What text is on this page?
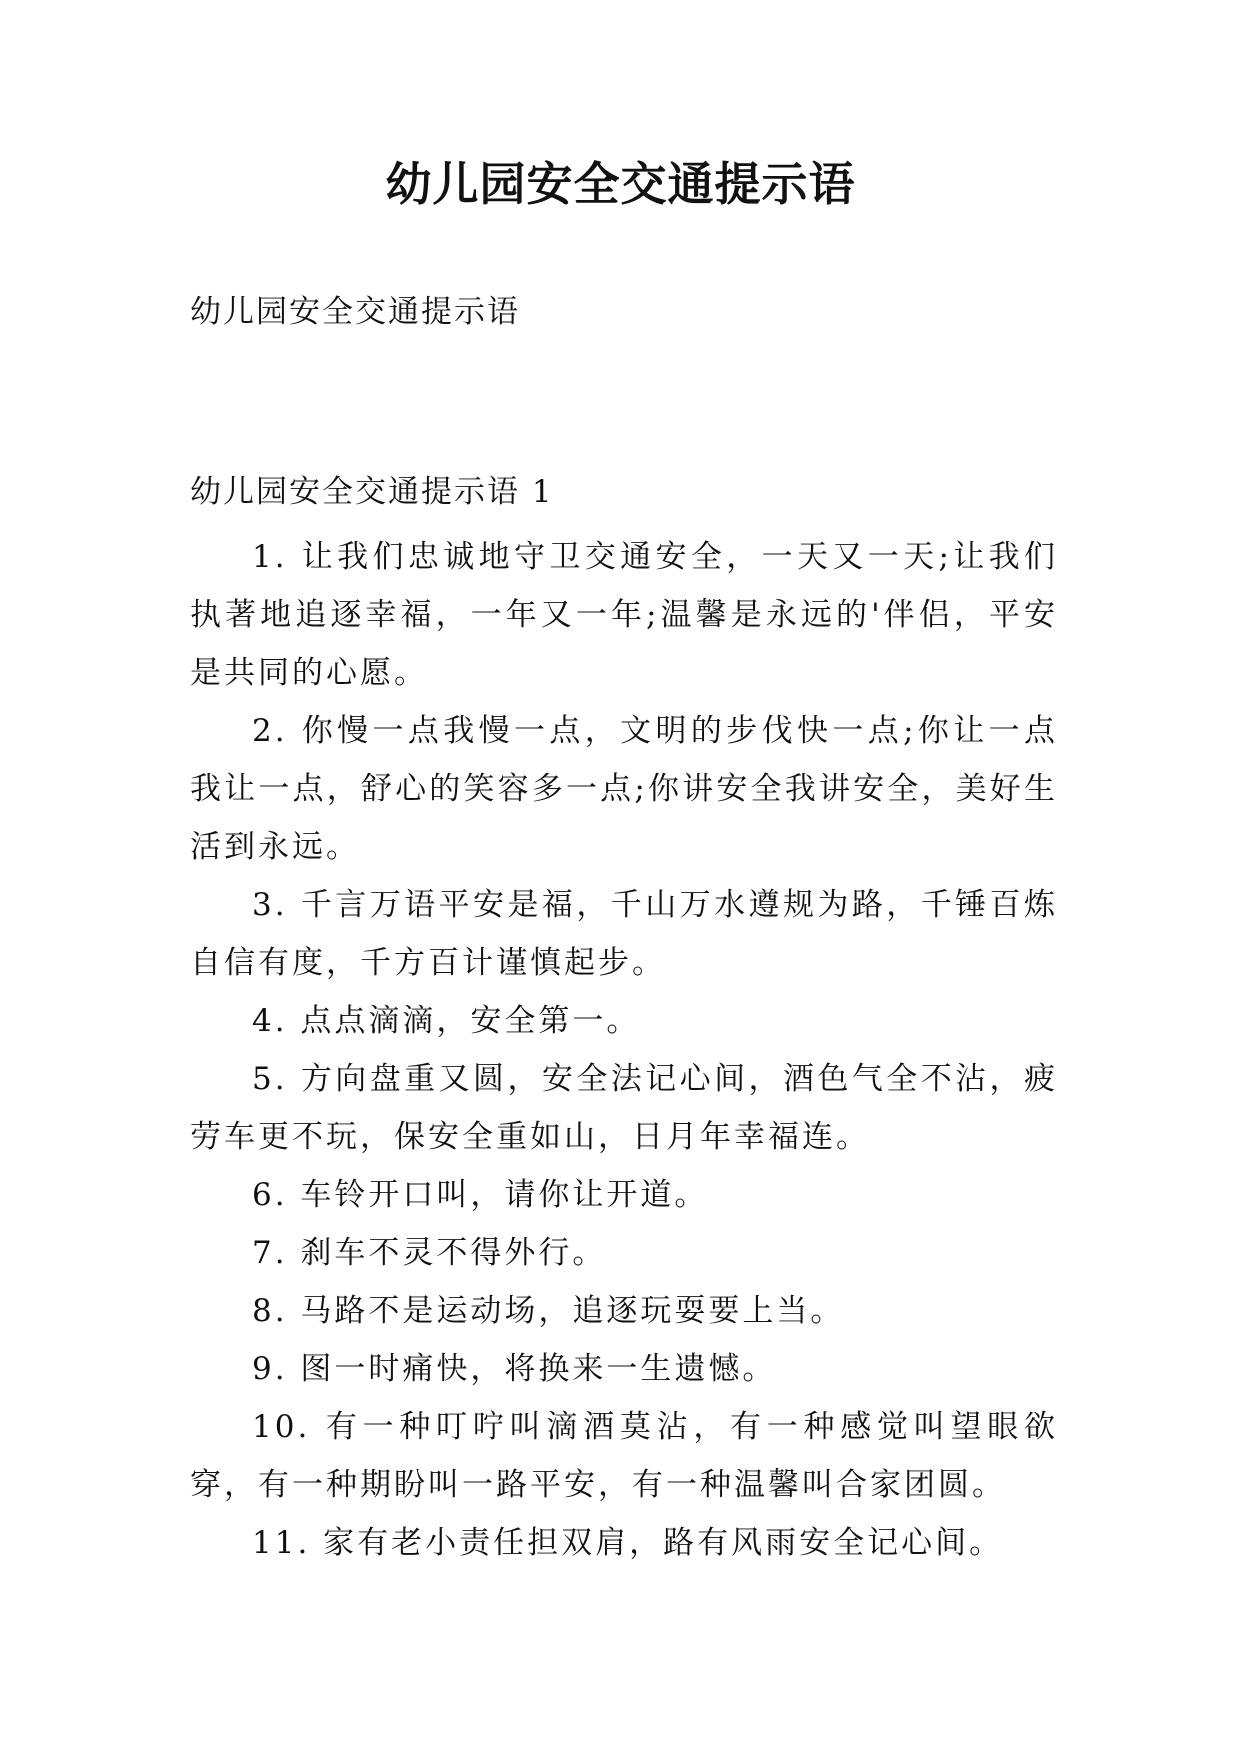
幼儿园安全交通提示语

幼儿园安全交通提示语

幼儿园安全交通提示语 1

1. 让我们忠诚地守卫交通安全，一天又一天;让我们执著地追逐幸福，一年又一年;温馨是永远的'伴侣，平安是共同的心愿。
2. 你慢一点我慢一点，文明的步伐快一点;你让一点我让一点，舒心的笑容多一点;你讲安全我讲安全，美好生活到永远。
3. 千言万语平安是福，千山万水遵规为路，千锤百炼自信有度，千方百计谨慎起步。
4. 点点滴滴，安全第一。
5. 方向盘重又圆，安全法记心间，酒色气全不沾，疲劳车更不玩，保安全重如山，日月年幸福连。
6. 车铃开口叫，请你让开道。
7. 刹车不灵不得外行。
8. 马路不是运动场，追逐玩耍要上当。
9. 图一时痛快，将换来一生遗憾。
10. 有一种叮咛叫滴酒莫沾，有一种感觉叫望眼欲穿，有一种期盼叫一路平安，有一种温馨叫合家团圆。
11. 家有老小责任担双肩，路有风雨安全记心间。
